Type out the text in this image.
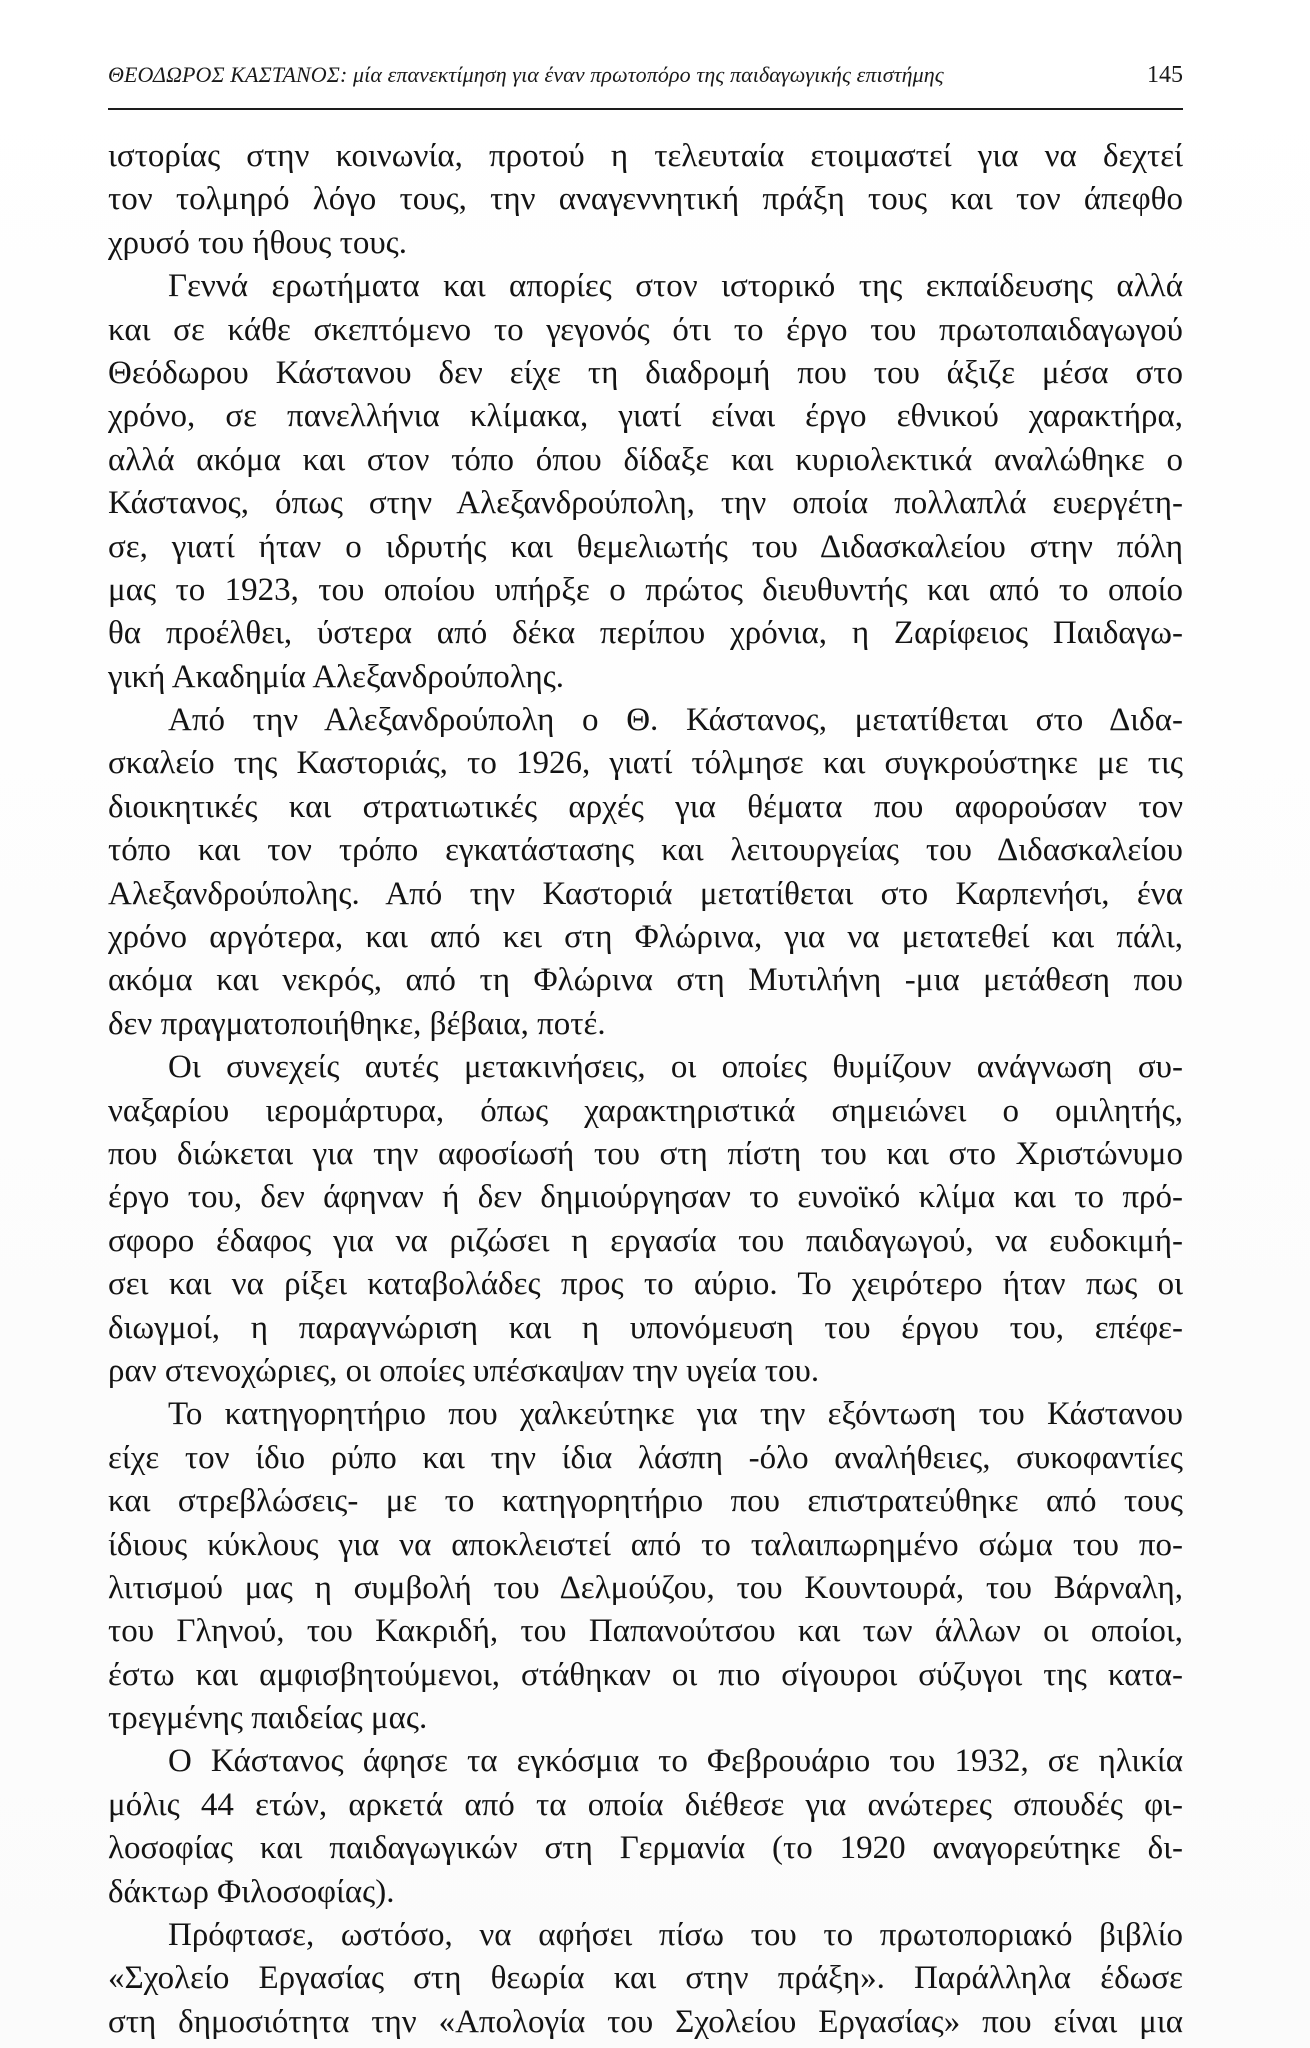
ΘΕΟΔΩΡΟΣ ΚΑΣΤΑΝΟΣ: μία επανεκτίμηση για έναν πρωτοπόρο της παιδαγωγικής επιστήμης	145
ιστορίας στην κοινωνία, προτού η τελευταία ετοιμαστεί για να δεχτεί
τον τολμηρό λόγο τους, την αναγεννητική πράξη τους και τον άπεφθο
χρυσό του ήθους τους.
Γεννά ερωτήματα και απορίες στον ιστορικό της εκπαίδευσης αλλά
και σε κάθε σκεπτόμενο το γεγονός ότι το έργο του πρωτοπαιδαγωγού
Θεόδωρου Κάστανου δεν είχε τη διαδρομή που του άξιζε μέσα στο
χρόνο, σε πανελλήνια κλίμακα, γιατί είναι έργο εθνικού χαρακτήρα,
αλλά ακόμα και στον τόπο όπου δίδαξε και κυριολεκτικά αναλώθηκε ο
Κάστανος, όπως στην Αλεξανδρούπολη, την οποία πολλαπλά ευεργέτη-
σε, γιατί ήταν ο ιδρυτής και θεμελιωτής του Διδασκαλείου στην πόλη
μας το 1923, του οποίου υπήρξε ο πρώτος διευθυντής και από το οποίο
θα προέλθει, ύστερα από δέκα περίπου χρόνια, η Ζαρίφειος Παιδαγω-
γική Ακαδημία Αλεξανδρούπολης.
Από την Αλεξανδρούπολη ο Θ. Κάστανος, μετατίθεται στο Διδα-
σκαλείο της Καστοριάς, το 1926, γιατί τόλμησε και συγκρούστηκε με τις
διοικητικές και στρατιωτικές αρχές για θέματα που αφορούσαν τον
τόπο και τον τρόπο εγκατάστασης και λειτουργείας του Διδασκαλείου
Αλεξανδρούπολης. Από την Καστοριά μετατίθεται στο Καρπενήσι, ένα
χρόνο αργότερα, και από κει στη Φλώρινα, για να μετατεθεί και πάλι,
ακόμα και νεκρός, από τη Φλώρινα στη Μυτιλήνη -μια μετάθεση που
δεν πραγματοποιήθηκε, βέβαια, ποτέ.
Οι συνεχείς αυτές μετακινήσεις, οι οποίες θυμίζουν ανάγνωση συ-
ναξαρίου ιερομάρτυρα, όπως χαρακτηριστικά σημειώνει ο ομιλητής,
που διώκεται για την αφοσίωσή του στη πίστη του και στο Χριστώνυμο
έργο του, δεν άφηναν ή δεν δημιούργησαν το ευνοϊκό κλίμα και το πρό-
σφορο έδαφος για να ριζώσει η εργασία του παιδαγωγού, να ευδοκιμή-
σει και να ρίξει καταβολάδες προς το αύριο. Το χειρότερο ήταν πως οι
διωγμοί, η παραγνώριση και η υπονόμευση του έργου του, επέφε-
ραν στενοχώριες, οι οποίες υπέσκαψαν την υγεία του.
Το κατηγορητήριο που χαλκεύτηκε για την εξόντωση του Κάστανου
είχε τον ίδιο ρύπο και την ίδια λάσπη -όλο αναλήθειες, συκοφαντίες
και στρεβλώσεις- με το κατηγορητήριο που επιστρατεύθηκε από τους
ίδιους κύκλους για να αποκλειστεί από το ταλαιπωρημένο σώμα του πο-
λιτισμού μας η συμβολή του Δελμούζου, του Κουντουρά, του Βάρναλη,
του Γληνού, του Κακριδή, του Παπανούτσου και των άλλων οι οποίοι,
έστω και αμφισβητούμενοι, στάθηκαν οι πιο σίγουροι σύζυγοι της κατα-
τρεγμένης παιδείας μας.
Ο Κάστανος άφησε τα εγκόσμια το Φεβρουάριο του 1932, σε ηλικία
μόλις 44 ετών, αρκετά από τα οποία διέθεσε για ανώτερες σπουδές φι-
λοσοφίας και παιδαγωγικών στη Γερμανία (το 1920 αναγορεύτηκε δι-
δάκτωρ Φιλοσοφίας).
Πρόφτασε, ωστόσο, να αφήσει πίσω του το πρωτοποριακό βιβλίο
«Σχολείο Εργασίας στη θεωρία και στην πράξη». Παράλληλα έδωσε
στη δημοσιότητα την «Απολογία του Σχολείου Εργασίας» που είναι μια
